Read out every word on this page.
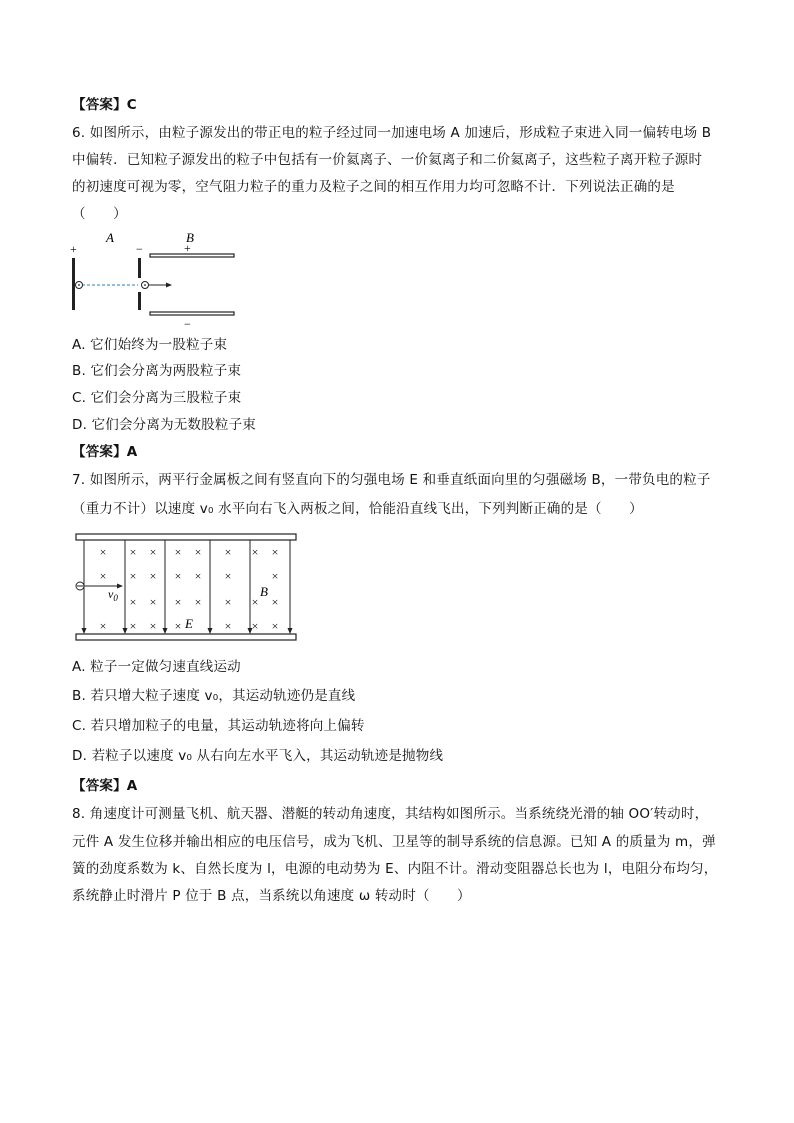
【答案】C
6. 如图所示，由粒子源发出的带正电的粒子经过同一加速电场 A 加速后，形成粒子束进入同一偏转电场 B
中偏转．已知粒子源发出的粒子中包括有一价氦离子、一价氦离子和二价氦离子，这些粒子离开粒子源时
的初速度可视为零，空气阻力粒子的重力及粒子之间的相互作用力均可忽略不计．下列说法正确的是
（　　）
+
A
−
B
+
−
A. 它们始终为一股粒子束
B. 它们会分离为两股粒子束
C. 它们会分离为三股粒子束
D. 它们会分离为无数股粒子束
【答案】A
7. 如图所示，两平行金属板之间有竖直向下的匀强电场 E 和垂直纸面向里的匀强磁场 B，一带负电的粒子
（重力不计）以速度 v₀ 水平向右飞入两板之间，恰能沿直线飞出，下列判断正确的是（　　）
× × × × × × × ×
× × × × × ×	×
× × × × × × ×
× × × ×	× × ×
$v_0$	B
E
A. 粒子一定做匀速直线运动
B. 若只增大粒子速度 v₀，其运动轨迹仍是直线
C. 若只增加粒子的电量，其运动轨迹将向上偏转
D. 若粒子以速度 v₀ 从右向左水平飞入，其运动轨迹是抛物线
【答案】A
8. 角速度计可测量飞机、航天器、潜艇的转动角速度，其结构如图所示。当系统绕光滑的轴 OO′转动时，
元件 A 发生位移并输出相应的电压信号，成为飞机、卫星等的制导系统的信息源。已知 A 的质量为 m，弹
簧的劲度系数为 k、自然长度为 l，电源的电动势为 E、内阻不计。滑动变阻器总长也为 l，电阻分布均匀，
系统静止时滑片 P 位于 B 点，当系统以角速度 ω 转动时（　　）
